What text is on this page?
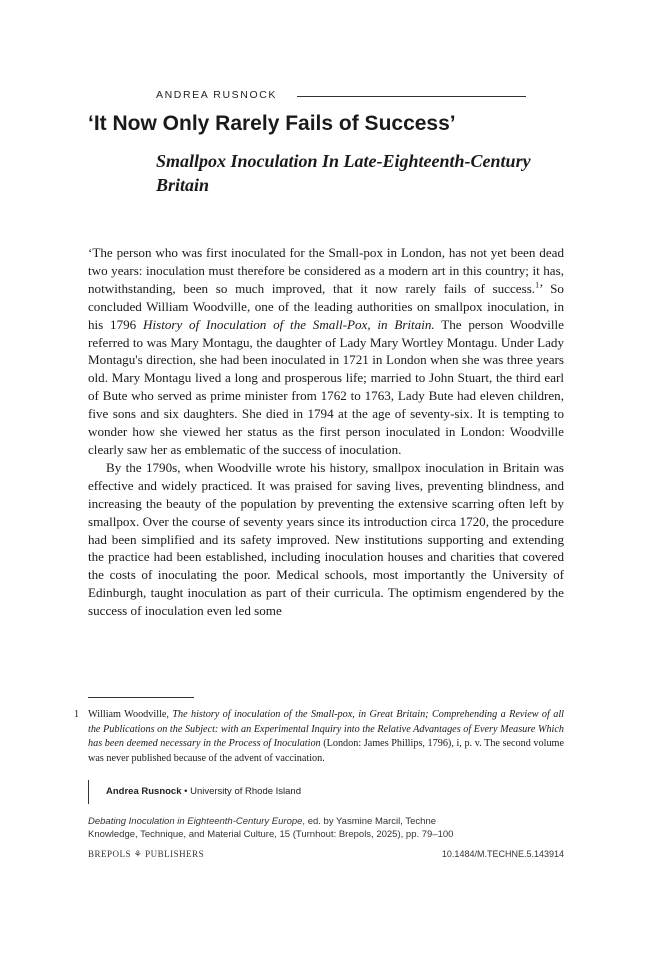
ANDREA RUSNOCK
‘It Now Only Rarely Fails of Success’
Smallpox Inoculation In Late-Eighteenth-Century Britain

‘The person who was first inoculated for the Small-pox in London, has not yet been dead two years: inoculation must therefore be considered as a modern art in this country; it has, notwithstanding, been so much improved, that it now rarely fails of success.$^1$’ So concluded William Woodville, one of the leading authorities on smallpox inoculation, in his 1796 History of Inoculation of the Small-Pox, in Britain. The person Woodville referred to was Mary Montagu, the daughter of Lady Mary Wortley Montagu. Under Lady Montagu's direction, she had been inoculated in 1721 in London when she was three years old. Mary Montagu lived a long and prosperous life; married to John Stuart, the third earl of Bute who served as prime minister from 1762 to 1763, Lady Bute had eleven children, five sons and six daughters. She died in 1794 at the age of seventy-six. It is tempting to wonder how she viewed her status as the first person inoculated in London: Woodville clearly saw her as emblematic of the success of inoculation.

By the 1790s, when Woodville wrote his history, smallpox inoculation in Britain was effective and widely practiced. It was praised for saving lives, preventing blindness, and increasing the beauty of the population by preventing the extensive scarring often left by smallpox. Over the course of seventy years since its introduction circa 1720, the procedure had been simplified and its safety improved. New institutions supporting and extending the practice had been established, including inoculation houses and charities that covered the costs of inoculating the poor. Medical schools, most importantly the University of Edinburgh, taught inoculation as part of their curricula. The optimism engendered by the success of inoculation even led some

1 William Woodville, The history of inoculation of the Small-pox, in Great Britain; Comprehending a Review of all the Publications on the Subject: with an Experimental Inquiry into the Relative Advantages of Every Measure Which has been deemed necessary in the Process of Inoculation (London: James Phillips, 1796), i, p. v. The second volume was never published because of the advent of vaccination.
Andrea Rusnock • University of Rhode Island
Debating Inoculation in Eighteenth-Century Europe, ed. by Yasmine Marcil, Techne
Knowledge, Technique, and Material Culture, 15 (Turnhout: Brepols, 2025), pp. 79–100
BREPOLS ⚘ PUBLISHERS	10.1484/M.TECHNE.5.143914
